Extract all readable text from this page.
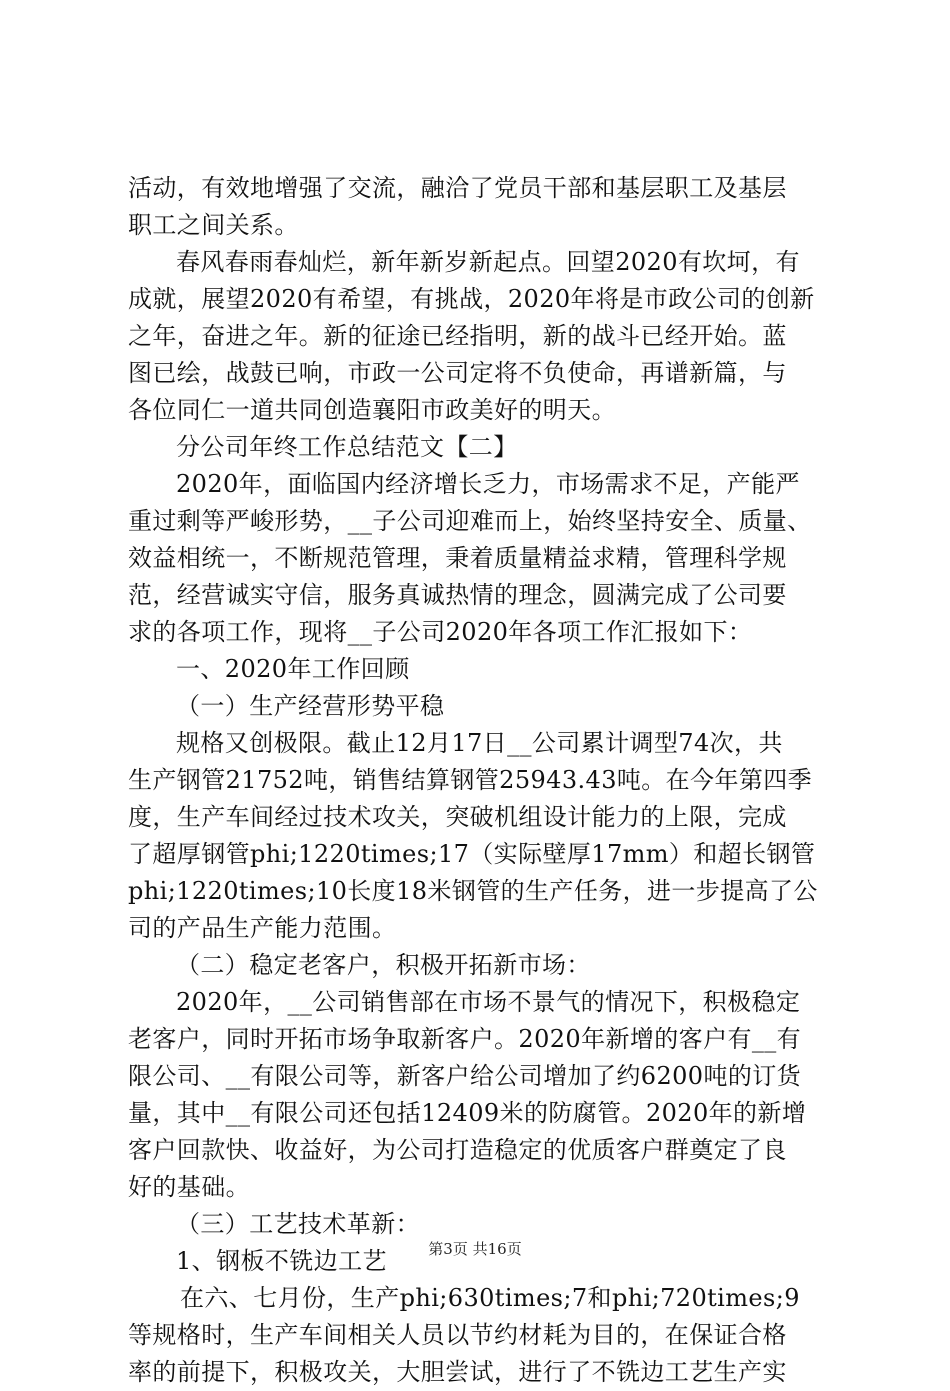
活动，有效地增强了交流，融洽了党员干部和基层职工及基层
职工之间关系。
春风春雨春灿烂，新年新岁新起点。回望2020有坎坷，有
成就，展望2020有希望，有挑战，2020年将是市政公司的创新
之年，奋进之年。新的征途已经指明，新的战斗已经开始。蓝
图已绘，战鼓已响，市政一公司定将不负使命，再谱新篇，与
各位同仁一道共同创造襄阳市政美好的明天。
分公司年终工作总结范文【二】
2020年，面临国内经济增长乏力，市场需求不足，产能严
重过剩等严峻形势，__子公司迎难而上，始终坚持安全、质量、
效益相统一，不断规范管理，秉着质量精益求精，管理科学规
范，经营诚实守信，服务真诚热情的理念，圆满完成了公司要
求的各项工作，现将__子公司2020年各项工作汇报如下：
一、2020年工作回顾
（一）生产经营形势平稳
规格又创极限。截止12月17日__公司累计调型74次，共
生产钢管21752吨，销售结算钢管25943.43吨。在今年第四季
度，生产车间经过技术攻关，突破机组设计能力的上限，完成
了超厚钢管phi;1220times;17（实际壁厚17mm）和超长钢管
phi;1220times;10长度18米钢管的生产任务，进一步提高了公
司的产品生产能力范围。
（二）稳定老客户，积极开拓新市场：
2020年，__公司销售部在市场不景气的情况下，积极稳定
老客户，同时开拓市场争取新客户。2020年新增的客户有__有
限公司、__有限公司等，新客户给公司增加了约6200吨的订货
量，其中__有限公司还包括12409米的防腐管。2020年的新增
客户回款快、收益好，为公司打造稳定的优质客户群奠定了良
好的基础。
（三）工艺技术革新：
1、钢板不铣边工艺
在六、七月份，生产phi;630times;7和phi;720times;9
等规格时，生产车间相关人员以节约材耗为目的，在保证合格
率的前提下，积极攻关，大胆尝试，进行了不铣边工艺生产实
第3页 共16页
